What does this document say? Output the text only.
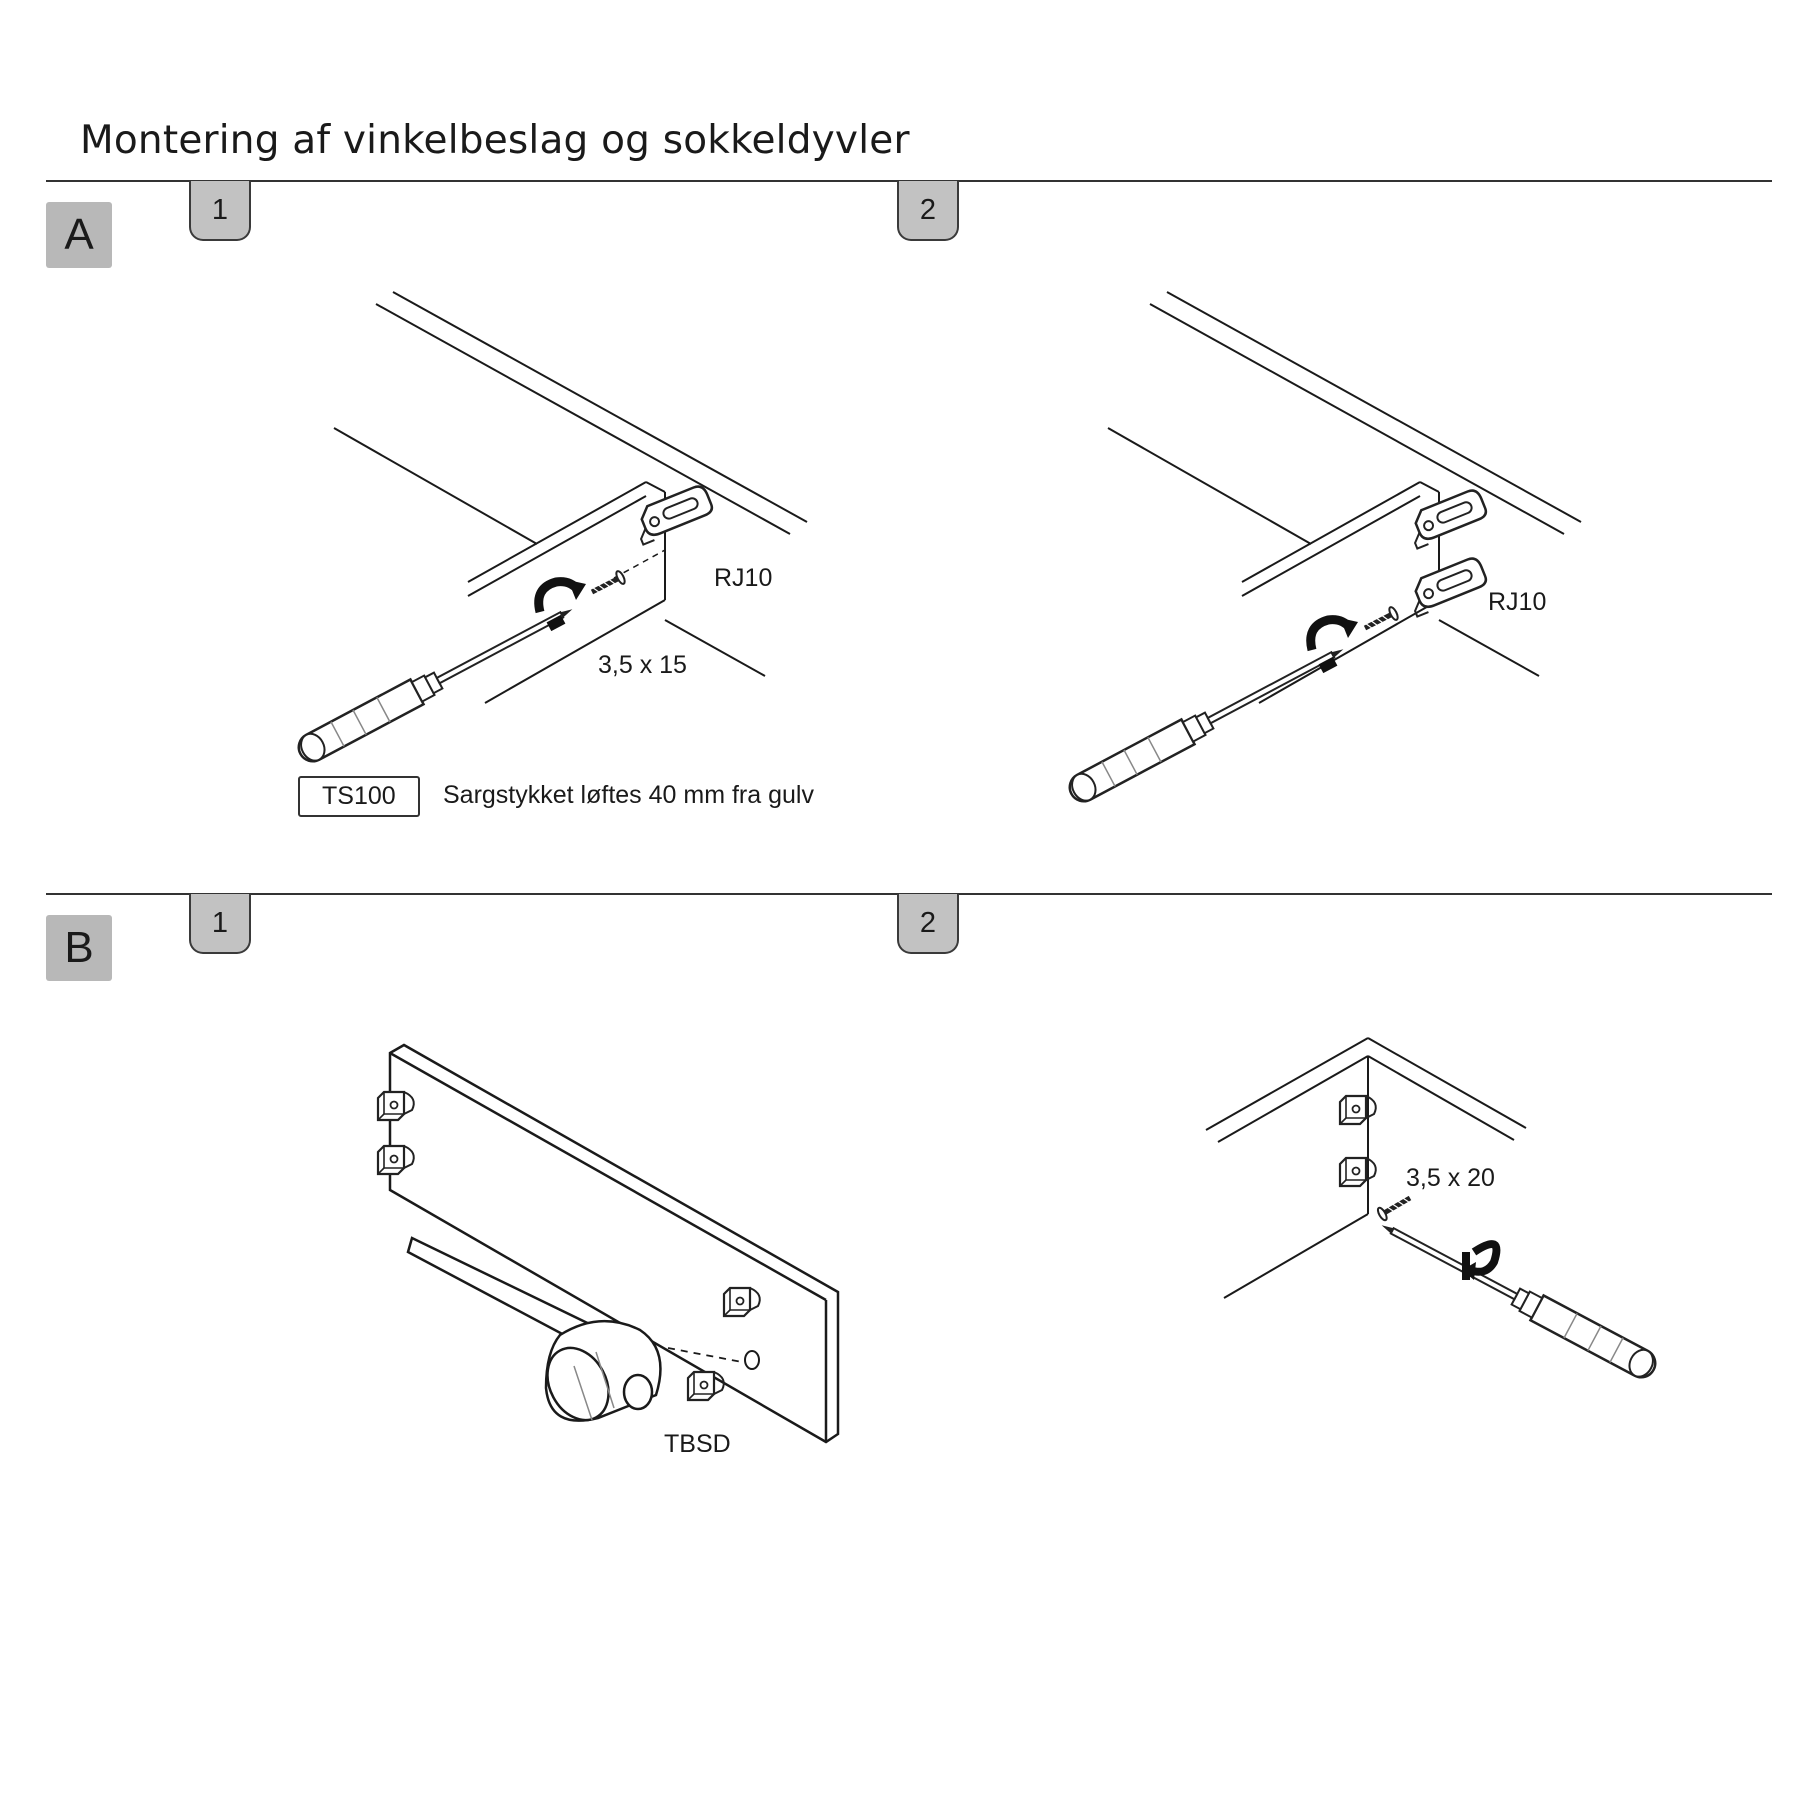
Montering af vinkelbeslag og sokkeldyvler
A
1	2
B
1	2
RJ10
3,5 x 15
TS100	Sargstykket løftes 40 mm fra gulv
RJ10
TBSD
3,5 x 20
